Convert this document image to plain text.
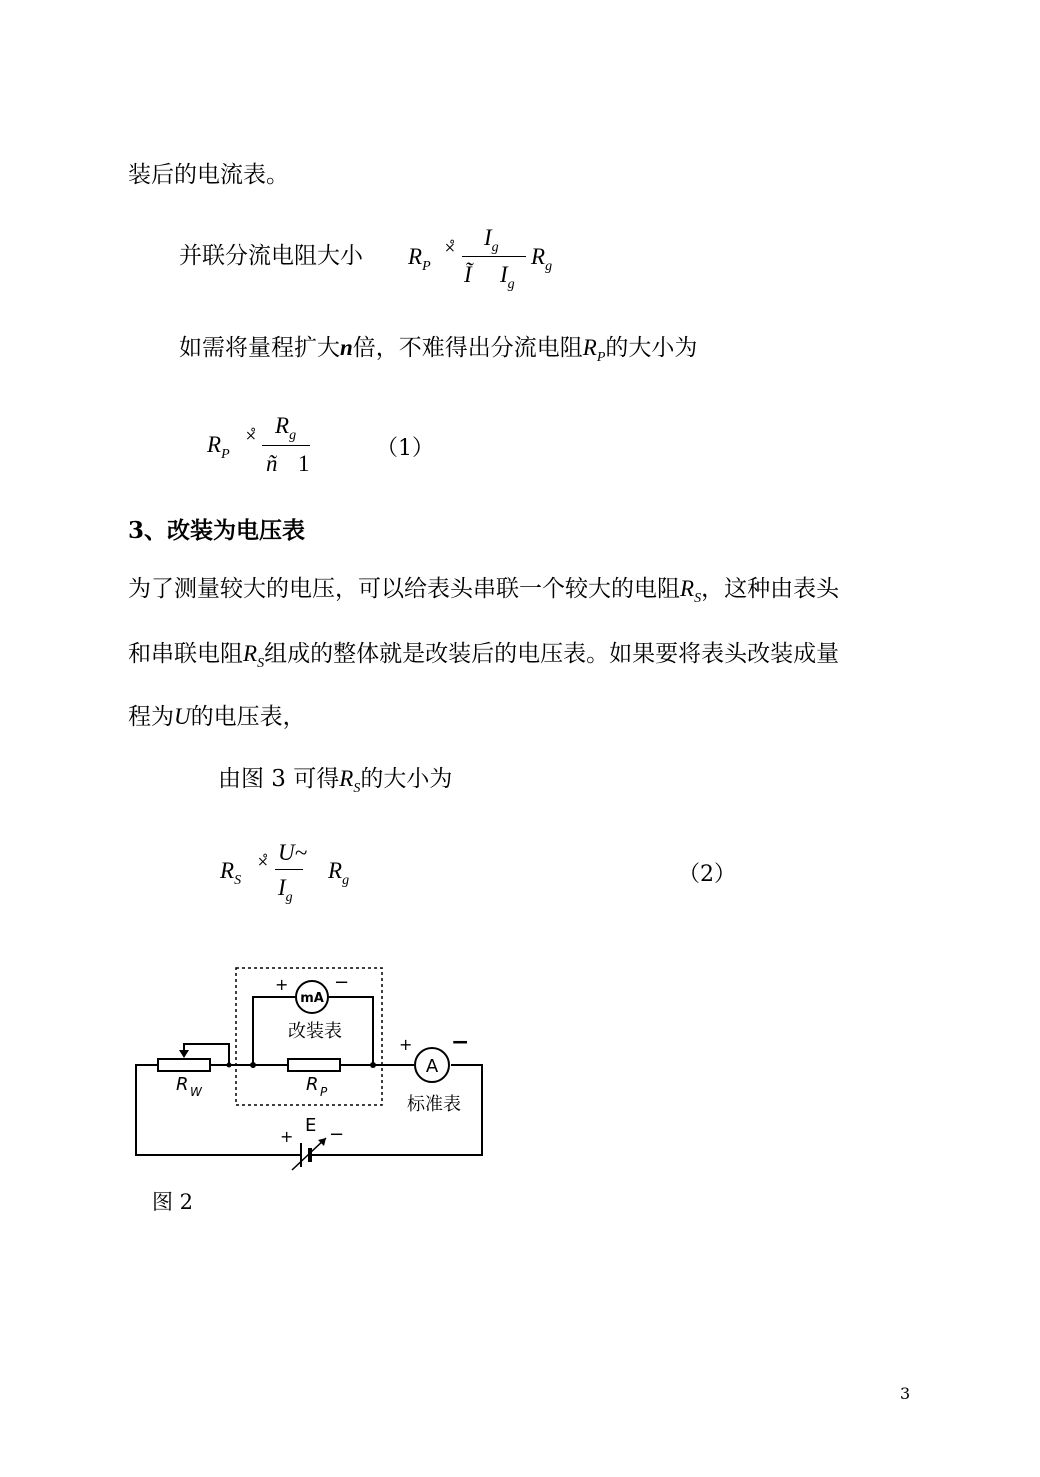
装后的电流表。
并联分流电阻大小 $R_P$
×̊ $I_g$
Ĩ $I_g$
$R_g$
如需将量程扩大n倍，不难得出分流电阻$R_P$的大小为
$R_P$
×̊ $R_g$
ñ 1
（1）
3、改装为电压表
为了测量较大的电压，可以给表头串联一个较大的电阻$R_S$，这种由表头
和串联电阻$R_S$组成的整体就是改装后的电压表。如果要将表头改装成量
程为U的电压表，
由图 3 可得$R_S$的大小为
$R_S$
×̊ U~
$I_g$
$R_g$	（2）
+	−
mA
改装表
A
+ −
标准表
R W	R P
E
+ −
图 2
3
